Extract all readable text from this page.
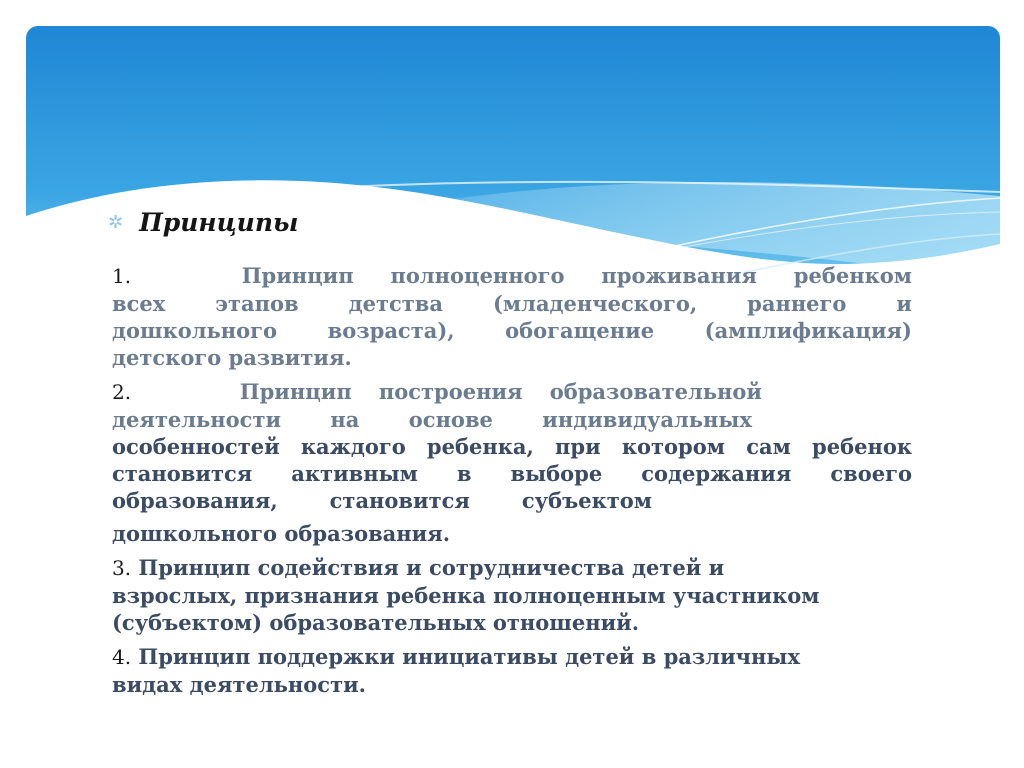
✲ Принципы
1.	Принцип полноценного проживания ребенком
всех этапов детства (младенческого, раннего и
дошкольного возраста), обогащение (амплификация)
детского развития.
2.	Принцип построения образовательной
деятельности на основе индивидуальных
особенностей каждого ребенка, при котором сам ребенок
становится активным в выборе содержания своего
образования, становится субъектом
дошкольного образования.
3. Принцип содействия и сотрудничества детей и
взрослых, признания ребенка полноценным участником
(субъектом) образовательных отношений.
4. Принцип поддержки инициативы детей в различных
видах деятельности.
